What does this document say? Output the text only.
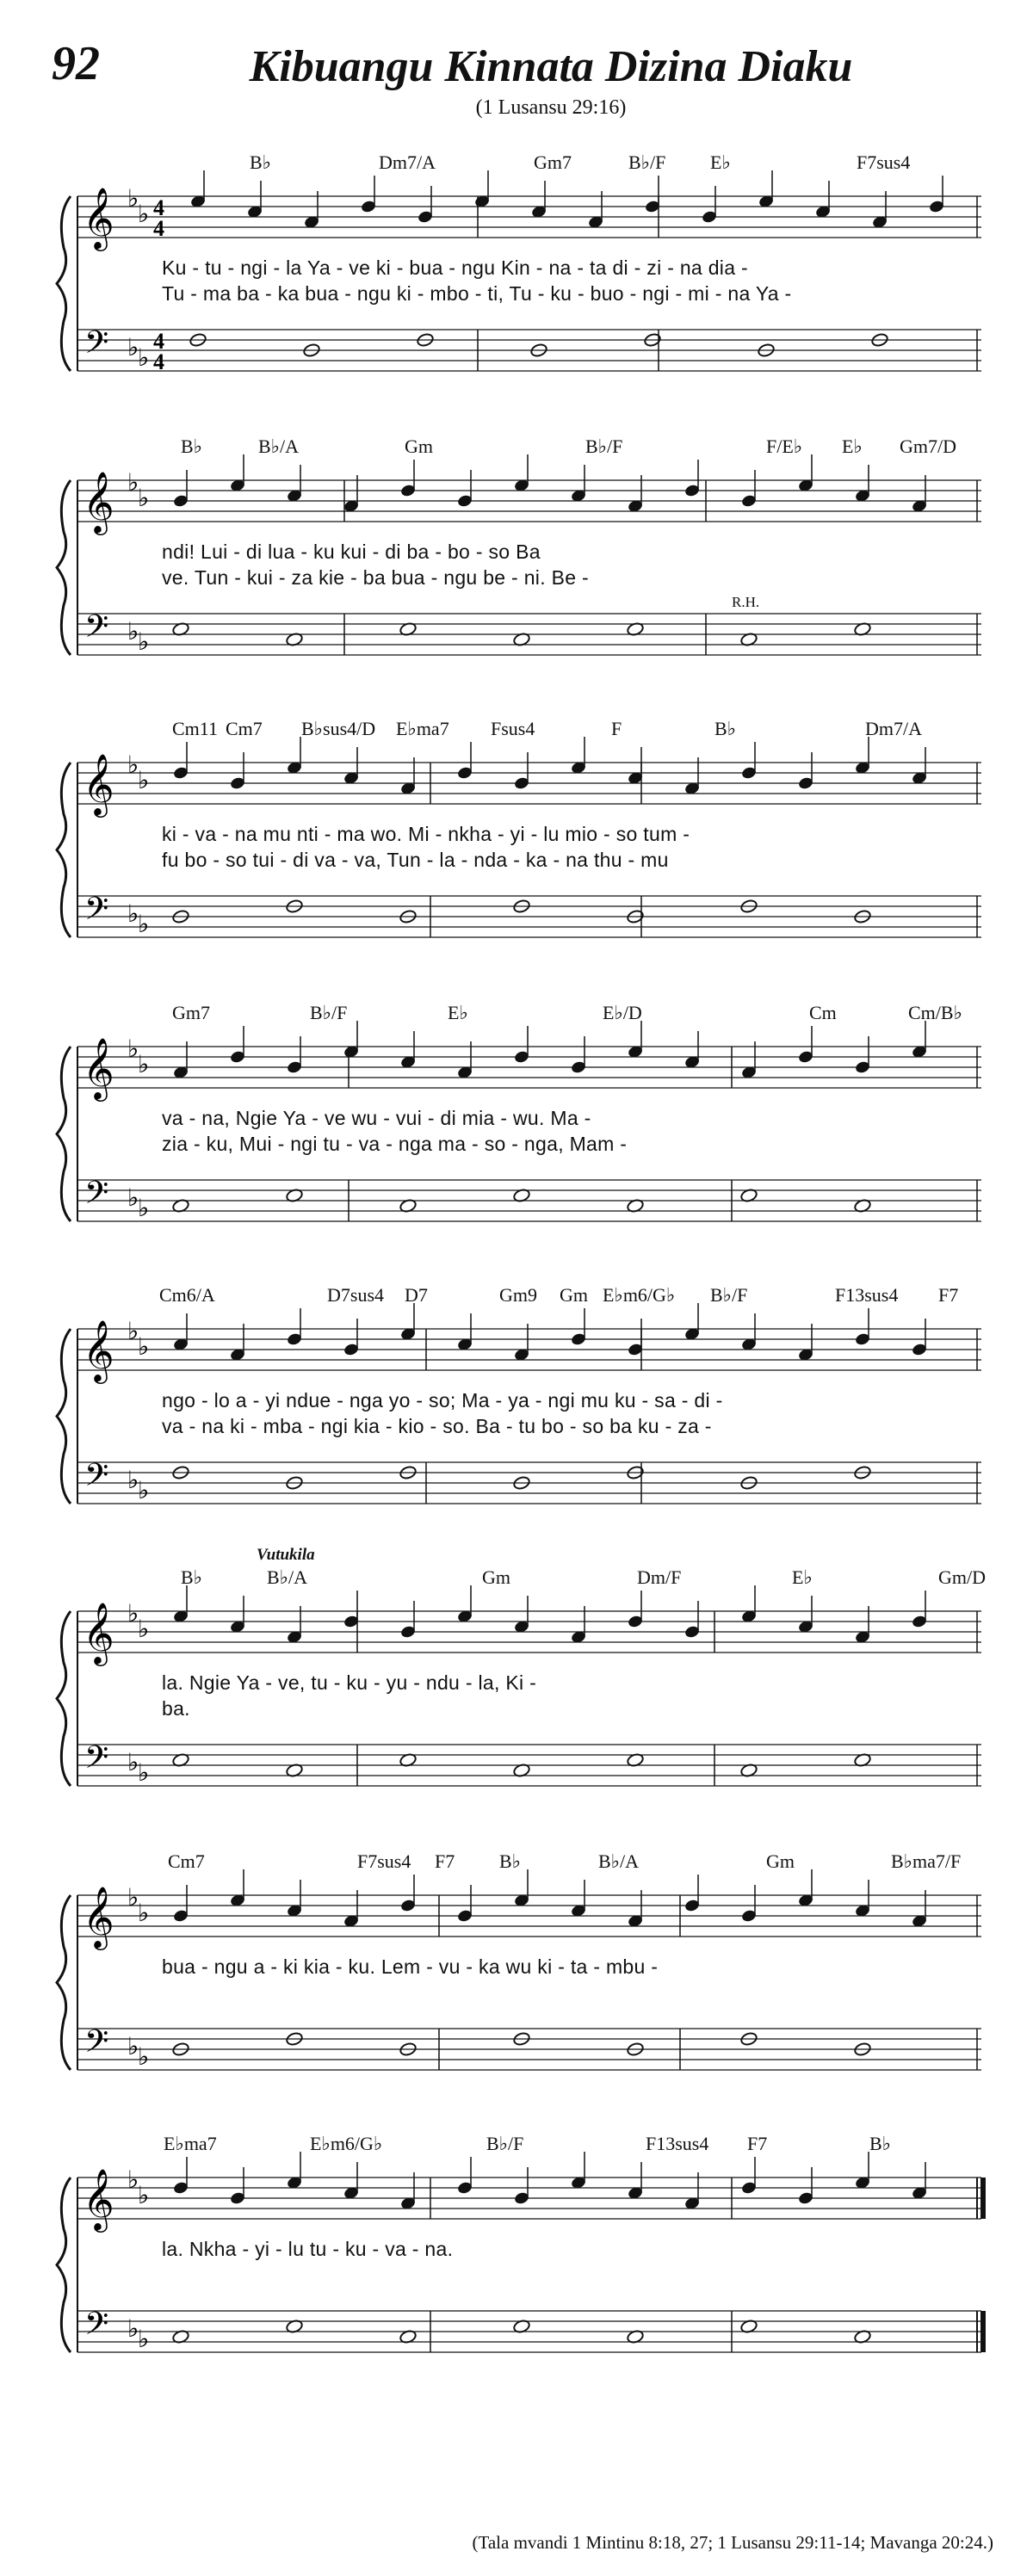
92	Kibuangu Kinnata Dizina Diaku
(1 Lusansu 29:16)
𝄞
𝄢
♭
♭
♭
♭
4
4
4
4
B♭	Dm7/A	Gm7	B♭/F E♭	F7sus4
Ku - tu - ngi - la Ya - ve ki - bua - ngu Kin - na - ta di - zi - na dia -
Tu - ma ba - ka bua - ngu ki - mbo - ti, Tu - ku - buo - ngi - mi - na Ya -
𝄞
𝄢
♭
♭
♭
♭
B♭	B♭/A	Gm	B♭/F	F/E♭ E♭ Gm7/D
ndi! Lui - di lua - ku kui - di ba - bo - so Ba
ve. Tun - kui - za kie - ba bua - ngu be - ni. Be -
R.H.
𝄞
𝄢
♭
♭
♭
♭
Cm11 Cm7 B♭sus4/D E♭ma7 Fsus4	F	B♭	Dm7/A
ki - va - na mu nti - ma wo. Mi - nkha - yi - lu mio - so tum -
fu bo - so tui - di va - va, Tun - la - nda - ka - na thu - mu
𝄞
𝄢
♭
♭
♭
♭
Gm7	B♭/F	E♭	E♭/D	Cm	Cm/B♭
va - na, Ngie Ya - ve wu - vui - di mia - wu. Ma -
zia - ku, Mui - ngi tu - va - nga ma - so - nga, Mam -
𝄞
𝄢
♭
♭
♭
♭
Cm6/A	D7sus4 D7	Gm9 Gm E♭m6/G♭ B♭/F	F13sus4 F7
ngo - lo a - yi ndue - nga yo - so; Ma - ya - ngi mu ku - sa - di -
va - na ki - mba - ngi kia - kio - so. Ba - tu bo - so ba ku - za -
𝄞
𝄢
♭
♭
♭
♭
B♭	B♭/A	Gm	Dm/F	E♭	Gm/D
la. Ngie Ya - ve, tu - ku - yu - ndu - la, Ki -
ba.
Vutukila
𝄞
𝄢
♭
♭
♭
♭
Cm7	F7sus4 F7 B♭	B♭/A	Gm	B♭ma7/F
bua - ngu a - ki kia - ku. Lem - vu - ka wu ki - ta - mbu -
𝄞
𝄢
♭
♭
♭
♭
E♭ma7	E♭m6/G♭	B♭/F	F13sus4 F7	B♭
la. Nkha - yi - lu tu - ku - va - na.
(Tala mvandi 1 Mintinu 8:18, 27; 1 Lusansu 29:11-14; Mavanga 20:24.)
